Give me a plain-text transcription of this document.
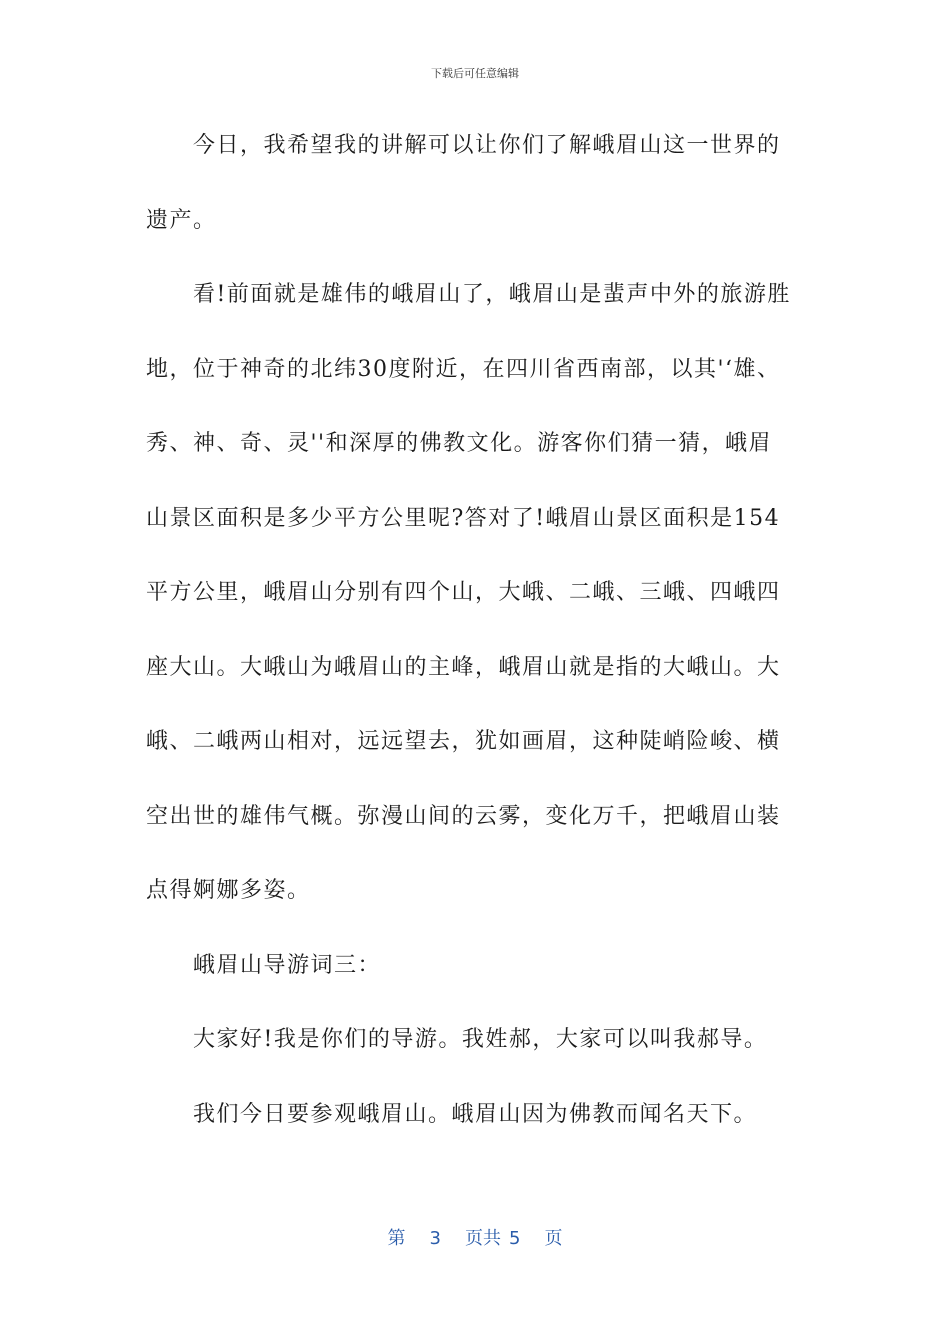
下载后可任意编辑
今日，我希望我的讲解可以让你们了解峨眉山这一世界的
遗产。
看!前面就是雄伟的峨眉山了，峨眉山是蜚声中外的旅游胜
地，位于神奇的北纬30度附近，在四川省西南部，以其'‘雄、
秀、神、奇、灵''和深厚的佛教文化。游客你们猜一猜，峨眉
山景区面积是多少平方公里呢?答对了!峨眉山景区面积是154
平方公里，峨眉山分别有四个山，大峨、二峨、三峨、四峨四
座大山。大峨山为峨眉山的主峰，峨眉山就是指的大峨山。大
峨、二峨两山相对，远远望去，犹如画眉，这种陡峭险峻、横
空出世的雄伟气概。弥漫山间的云雾，变化万千，把峨眉山装
点得婀娜多姿。
峨眉山导游词三：
大家好!我是你们的导游。我姓郝，大家可以叫我郝导。
我们今日要参观峨眉山。峨眉山因为佛教而闻名天下。
第 3 页共 5 页
